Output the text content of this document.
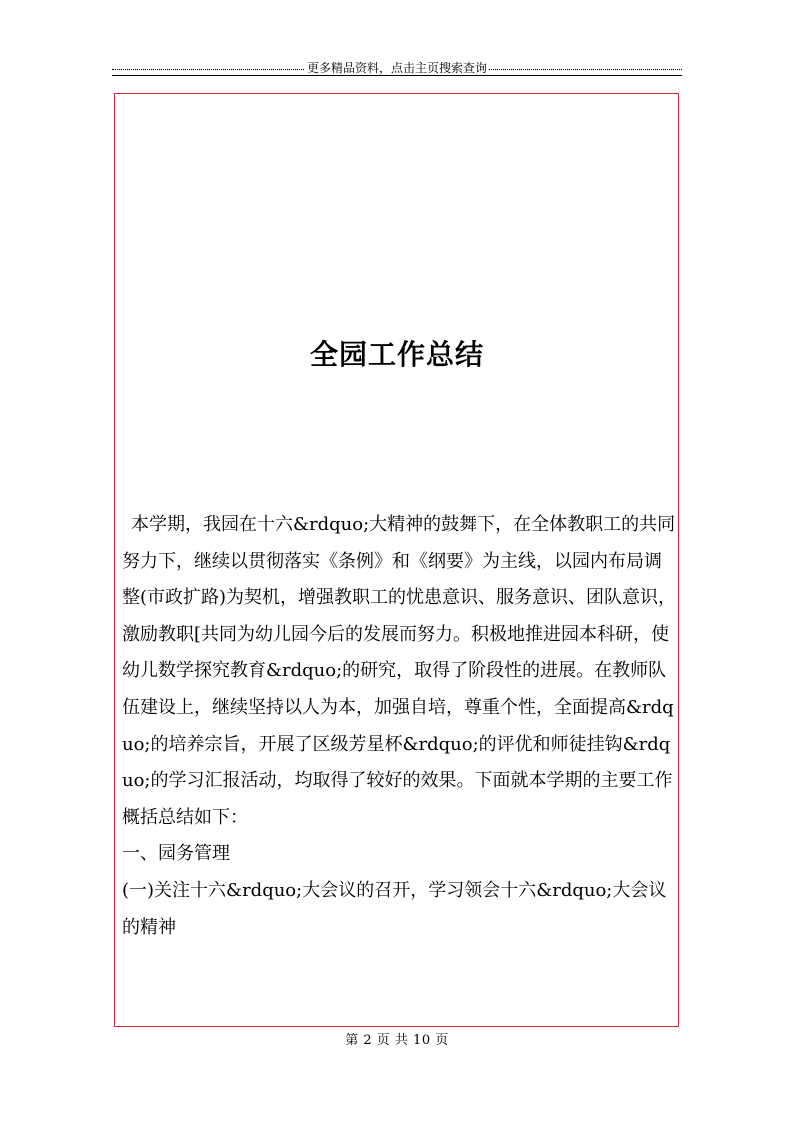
更多精品资料，点击主页搜索查询
全园工作总结

本学期，我园在十六&rdquo;大精神的鼓舞下，在全体教职工的共同努力下，继续以贯彻落实《条例》和《纲要》为主线，以园内布局调整(市政扩路)为契机，增强教职工的忧患意识、服务意识、团队意识，激励教职[共同为幼儿园今后的发展而努力。积极地推进园本科研，使幼儿数学探究教育&rdquo;的研究，取得了阶段性的进展。在教师队伍建设上，继续坚持以人为本，加强自培，尊重个性，全面提高&rdquo;的培养宗旨，开展了区级芳星杯&rdquo;的评优和师徒挂钩&rdquo;的学习汇报活动，均取得了较好的效果。下面就本学期的主要工作概括总结如下：

一、园务管理

(一)关注十六&rdquo;大会议的召开，学习领会十六&rdquo;大会议的精神

第 2 页 共 10 页
